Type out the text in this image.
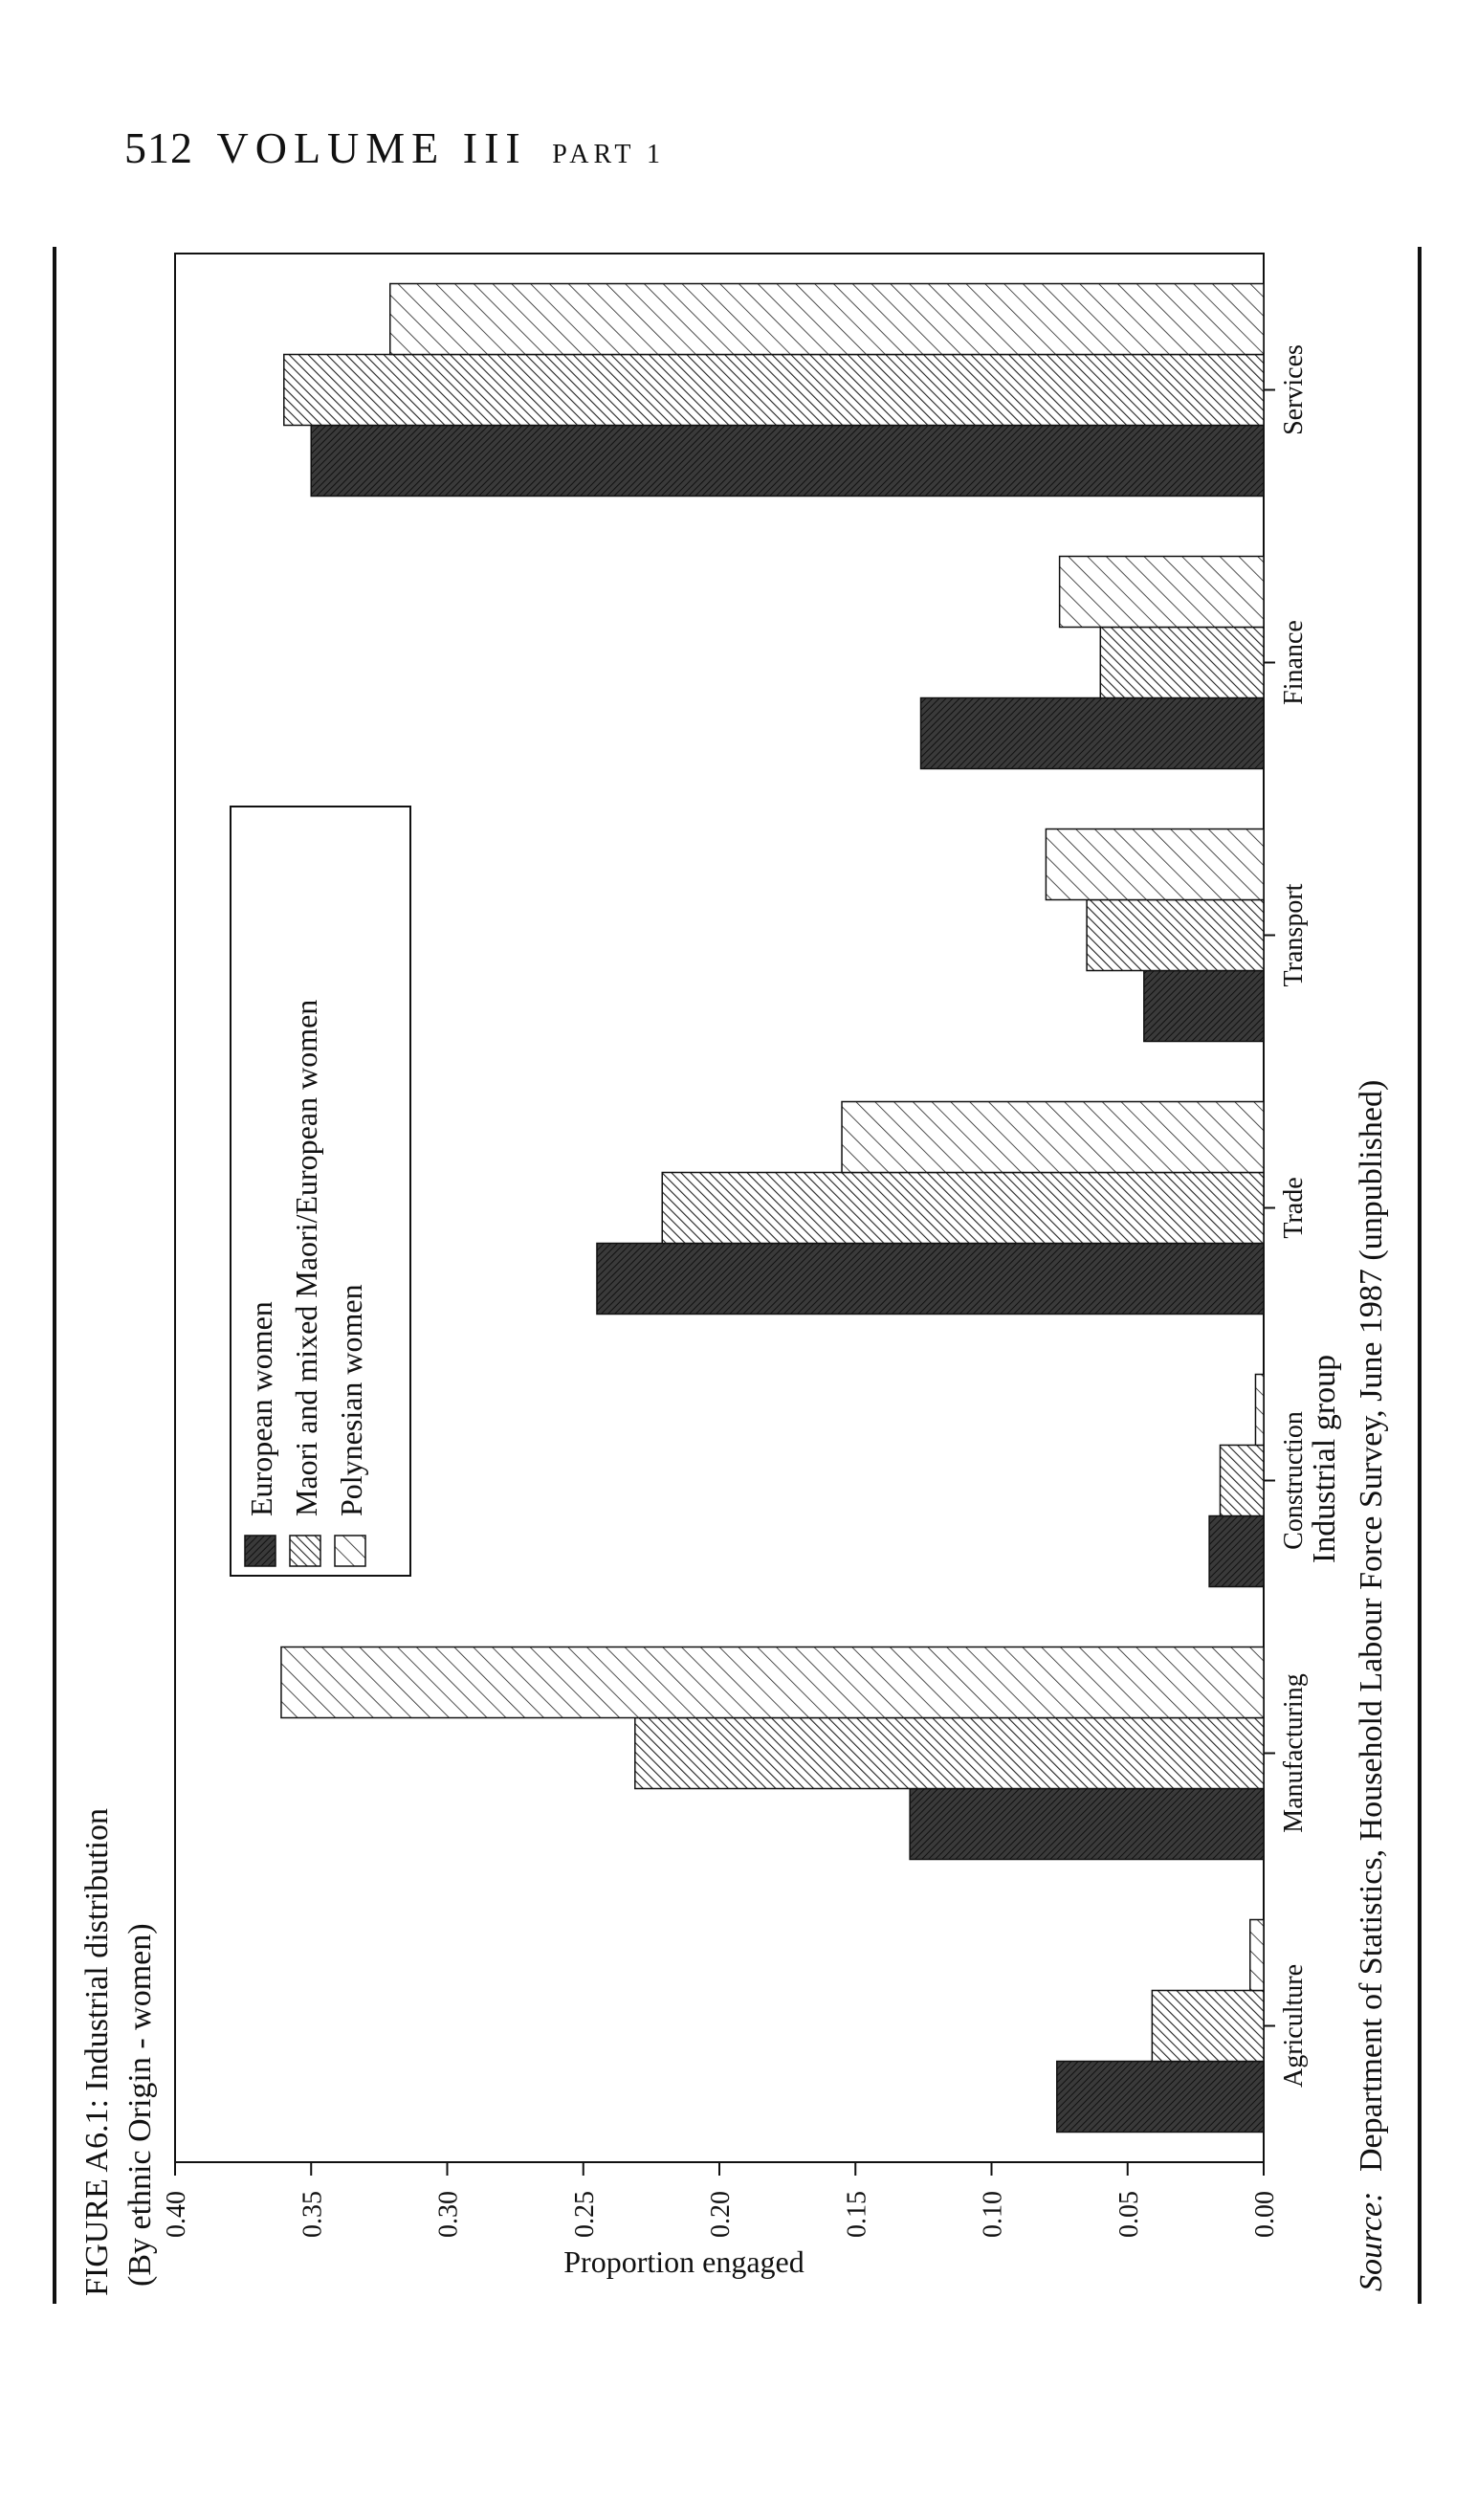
512 VOLUME III PART 1
FIGURE A6.1: Industrial distribution (By ethnic Origin - women)	Proportion engaged
Industrial group
Source: Department of Statistics, Household Labour Force Survey, June 1987 (unpublished)
0.00
0.05
0.10
0.15
0.20
0.25
0.30
0.35
0.40
Agriculture
Manufacturing
Construction
Trade
Transport
Finance
Services
European women Maori and mixed Maori/European women Polynesian women
